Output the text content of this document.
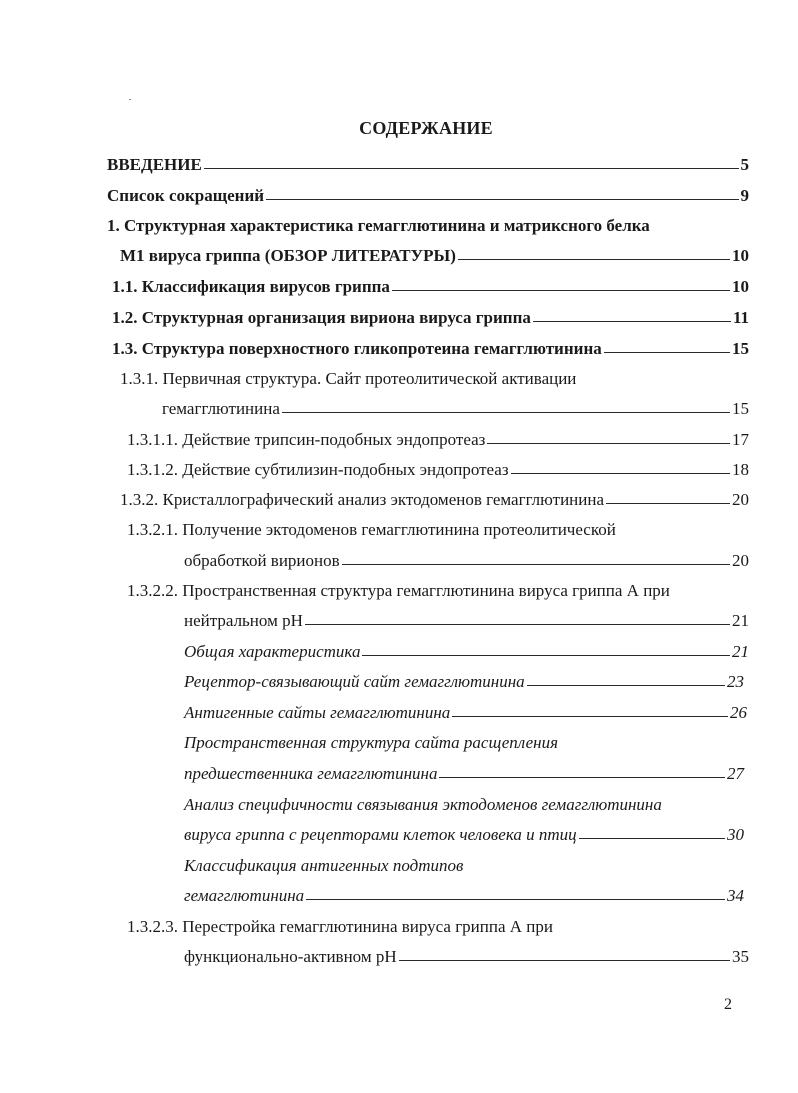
СОДЕРЖАНИЕ
ВВЕДЕНИЕ	5
Список сокращений	9
1. Структурная характеристика гемагглютинина и матриксного белка
М1 вируса гриппа (ОБЗОР ЛИТЕРАТУРЫ)	10
1.1. Классификация вирусов гриппа	10
1.2. Структурная организация вириона вируса гриппа	11
1.3. Структура поверхностного гликопротеина гемагглютинина	15
1.3.1. Первичная структура. Сайт протеолитической активации
гемагглютинина	15
1.3.1.1. Действие трипсин-подобных эндопротеаз	17
1.3.1.2. Действие субтилизин-подобных эндопротеаз	18
1.3.2. Кристаллографический анализ эктодоменов гемагглютинина	20
1.3.2.1. Получение эктодоменов гемагглютинина протеолитической
обработкой вирионов	20
1.3.2.2. Пространственная структура гемагглютинина вируса гриппа А при
нейтральном рН	21
Общая характеристика	21
Рецептор-связывающий сайт гемагглютинина	23
Антигенные сайты гемагглютинина	26
Пространственная структура сайта расщепления
предшественника гемагглютинина	27
Анализ специфичности связывания эктодоменов гемагглютинина
вируса гриппа с рецепторами клеток человека и птиц	30
Классификация антигенных подтипов
гемагглютинина	34
1.3.2.3. Перестройка гемагглютинина вируса гриппа А при
функционально-активном рН	35
2
